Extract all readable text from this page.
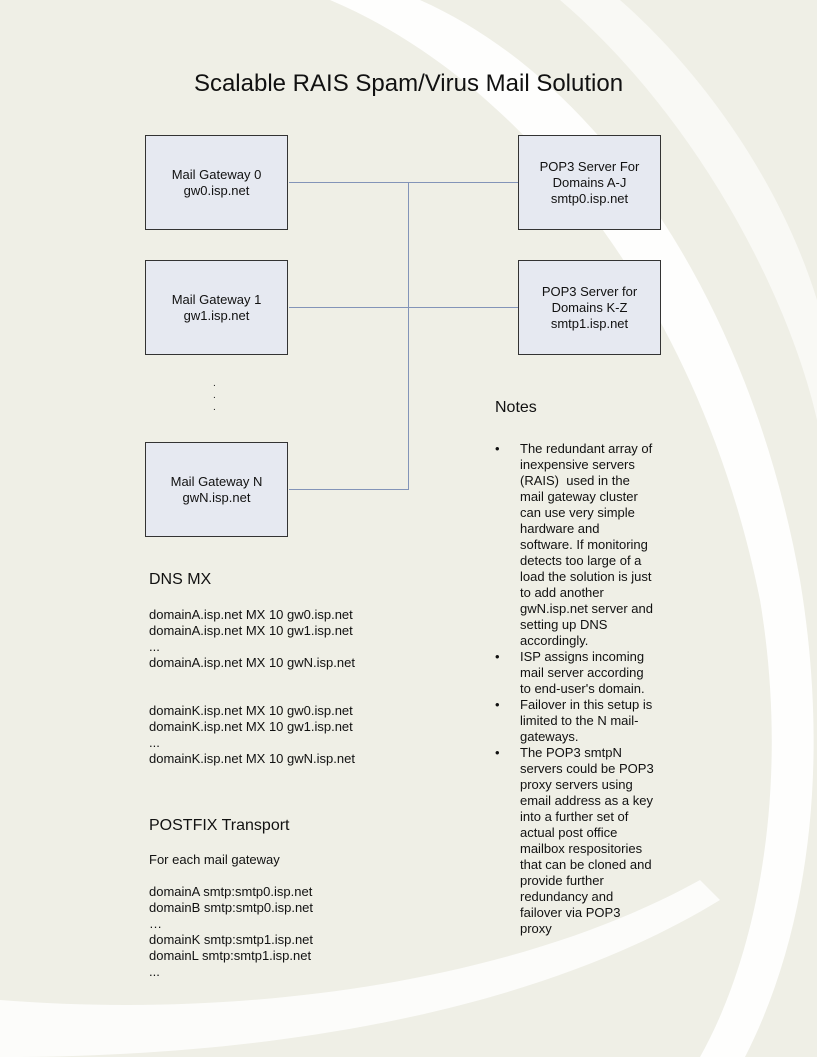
Scalable RAIS Spam/Virus Mail Solution
Mail Gateway 0
gw0.isp.net
Mail Gateway 1
gw1.isp.net
.
.
.
Mail Gateway N
gwN.isp.net
POP3 Server For
Domains A-J
smtp0.isp.net
POP3 Server for
Domains K-Z
smtp1.isp.net
DNS MX
domainA.isp.net MX 10 gw0.isp.net
domainA.isp.net MX 10 gw1.isp.net
...
domainA.isp.net MX 10 gwN.isp.net
domainK.isp.net MX 10 gw0.isp.net
domainK.isp.net MX 10 gw1.isp.net
...
domainK.isp.net MX 10 gwN.isp.net
POSTFIX Transport
For each mail gateway
domainA smtp:smtp0.isp.net
domainB smtp:smtp0.isp.net
…
domainK smtp:smtp1.isp.net
domainL smtp:smtp1.isp.net
...
Notes
•	The redundant array of
inexpensive servers
(RAIS)  used in the
mail gateway cluster
can use very simple
hardware and
software. If monitoring
detects too large of a
load the solution is just
to add another
gwN.isp.net server and
setting up DNS
accordingly.
•	ISP assigns incoming
mail server according
to end-user's domain.
•	Failover in this setup is
limited to the N mail-
gateways.
•	The POP3 smtpN
servers could be POP3
proxy servers using
email address as a key
into a further set of
actual post office
mailbox respositories
that can be cloned and
provide further
redundancy and
failover via POP3
proxy
